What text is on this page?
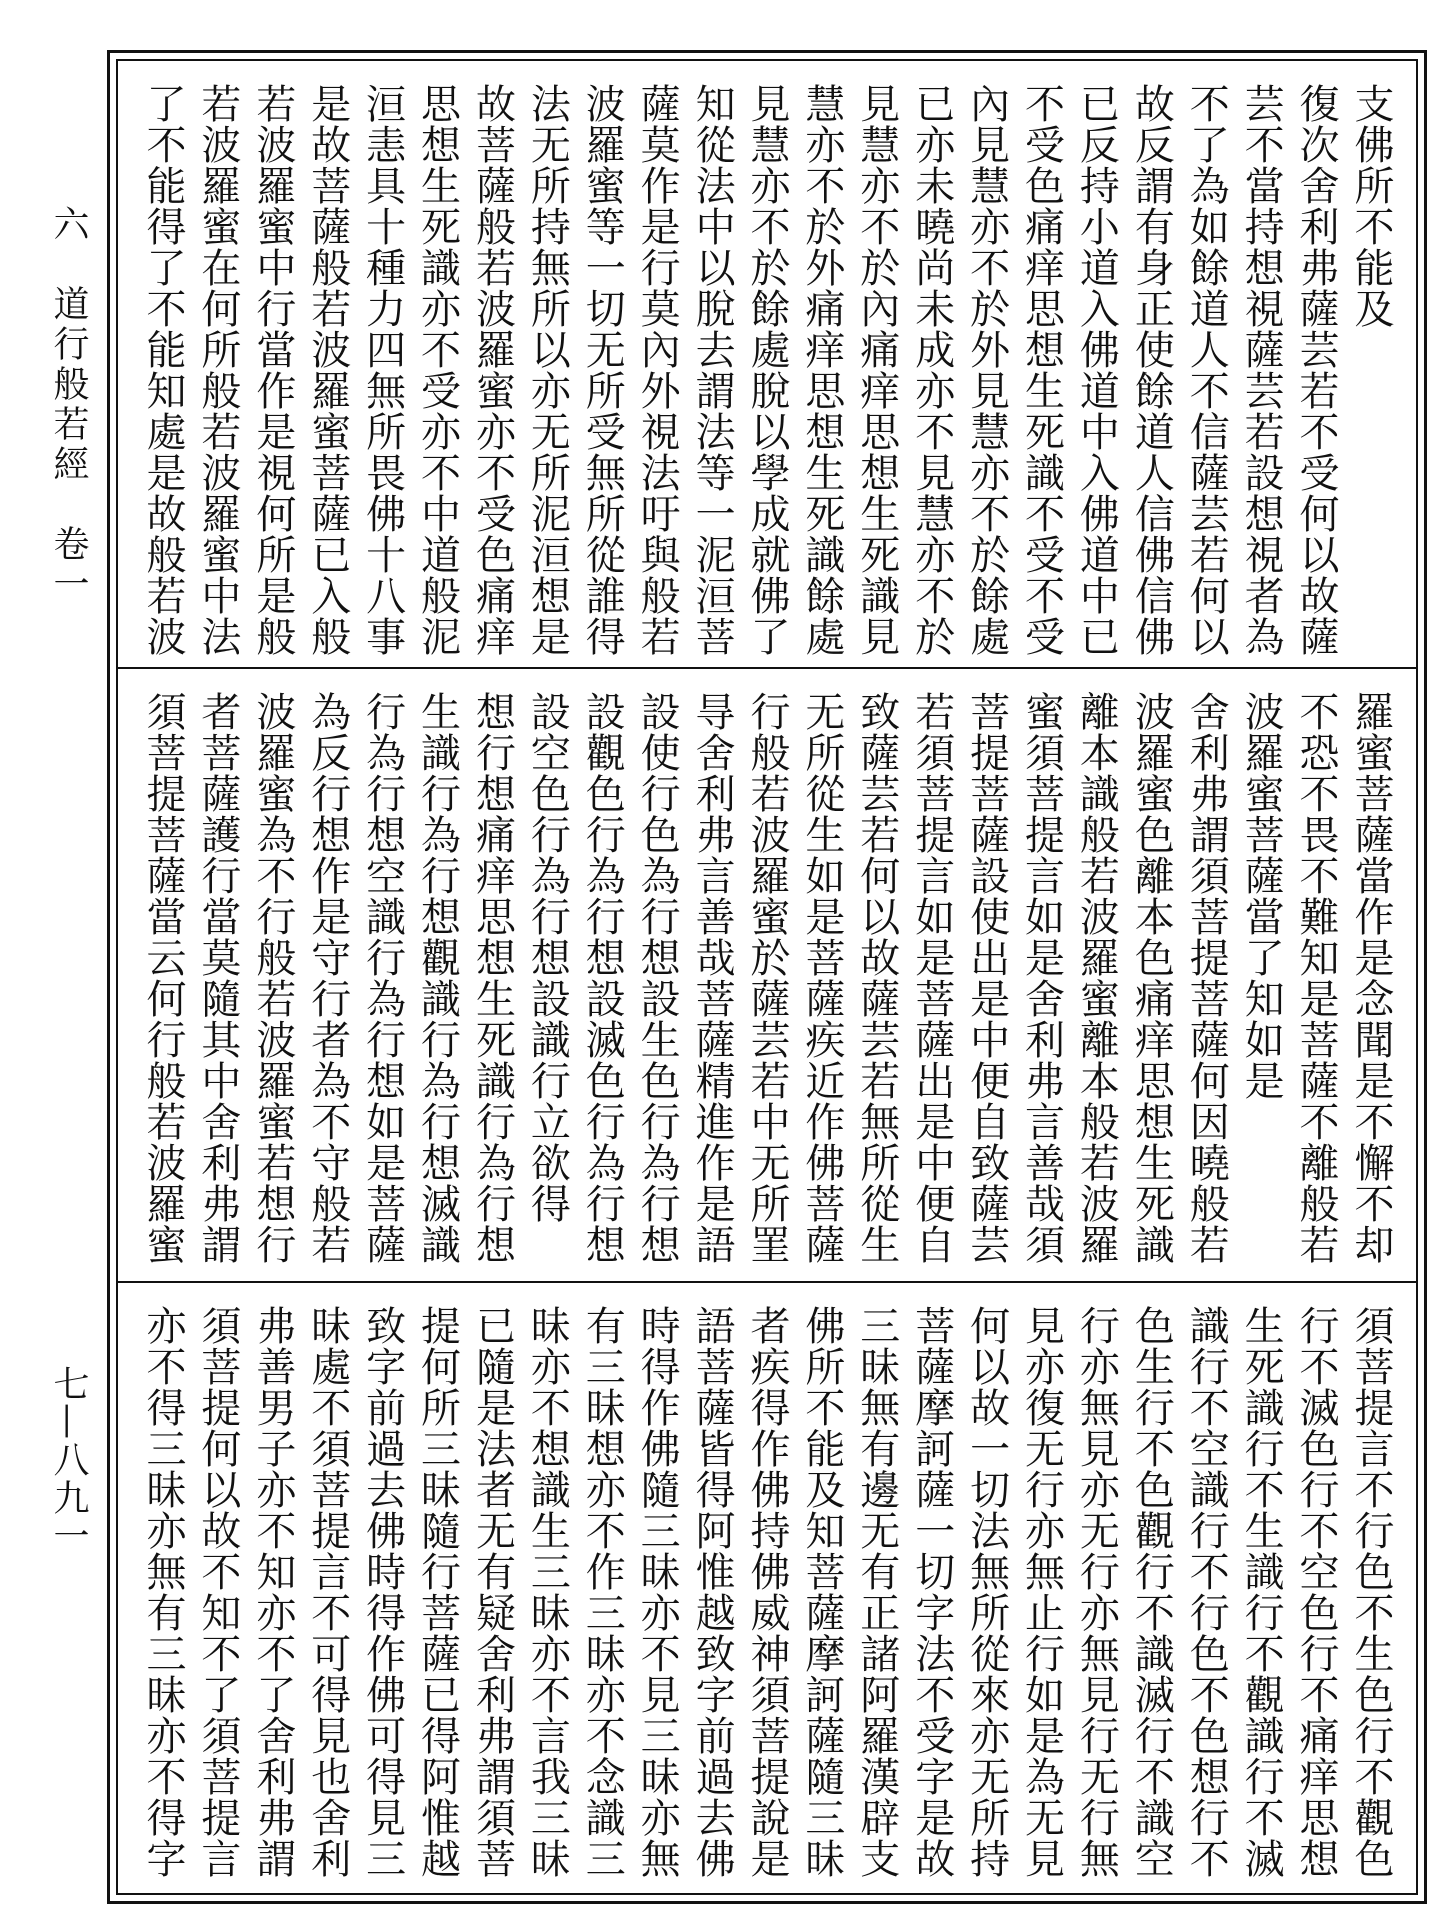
六　道行般若經　卷一
七—八九一
支佛所不能及
復次舍利弗薩芸若不受何以故薩
芸不當持想視薩芸若設想視者為
不了為如餘道人不信薩芸若何以
故反謂有身正使餘道人信佛信佛
已反持小道入佛道中入佛道中已
不受色痛痒思想生死識不受不受
內見慧亦不於外見慧亦不於餘處
已亦未曉尚未成亦不見慧亦不於
見慧亦不於內痛痒思想生死識見
慧亦不於外痛痒思想生死識餘處
見慧亦不於餘處脫以學成就佛了
知從法中以脫去謂法等一泥洹菩
薩莫作是行莫內外視法吁與般若
波羅蜜等一切无所受無所從誰得
法无所持無所以亦无所泥洹想是
故菩薩般若波羅蜜亦不受色痛痒
思想生死識亦不受亦不中道般泥
洹恚具十種力四無所畏佛十八事
是故菩薩般若波羅蜜菩薩已入般
若波羅蜜中行當作是視何所是般
若波羅蜜在何所般若波羅蜜中法
了不能得了不能知處是故般若波
羅蜜菩薩當作是念聞是不懈不却
不恐不畏不難知是菩薩不離般若
波羅蜜菩薩當了知如是
舍利弗謂須菩提菩薩何因曉般若
波羅蜜色離本色痛痒思想生死識
離本識般若波羅蜜離本般若波羅
蜜須菩提言如是舍利弗言善哉須
菩提菩薩設使出是中便自致薩芸
若須菩提言如是菩薩出是中便自
致薩芸若何以故薩芸若無所從生
无所從生如是菩薩疾近作佛菩薩
行般若波羅蜜於薩芸若中无所罣
㝵舍利弗言善哉菩薩精進作是語
設使行色為行想設生色行為行想
設觀色行為行想設滅色行為行想
設空色行為行想設識行立欲得
想行想痛痒思想生死識行為行想
生識行為行想觀識行為行想滅識
行為行想空識行為行想如是菩薩
為反行想作是守行者為不守般若
波羅蜜為不行般若波羅蜜若想行
者菩薩護行當莫隨其中舍利弗謂
須菩提菩薩當云何行般若波羅蜜
須菩提言不行色不生色行不觀色
行不滅色行不空色行不痛痒思想
生死識行不生識行不觀識行不滅
識行不空識行不行色不色想行不
色生行不色觀行不識滅行不識空
行亦無見亦无行亦無見行无行無
見亦復无行亦無止行如是為无見
何以故一切法無所從來亦无所持
菩薩摩訶薩一切字法不受字是故
三昧無有邊无有正諸阿羅漢辟支
佛所不能及知菩薩摩訶薩隨三昧
者疾得作佛持佛威神須菩提說是
語菩薩皆得阿惟越致字前過去佛
時得作佛隨三昧亦不見三昧亦無
有三昧想亦不作三昧亦不念識三
昧亦不想識生三昧亦不言我三昧
已隨是法者无有疑舍利弗謂須菩
提何所三昧隨行菩薩已得阿惟越
致字前過去佛時得作佛可得見三
昧處不須菩提言不可得見也舍利
弗善男子亦不知亦不了舍利弗謂
須菩提何以故不知不了須菩提言
亦不得三昧亦無有三昧亦不得字
